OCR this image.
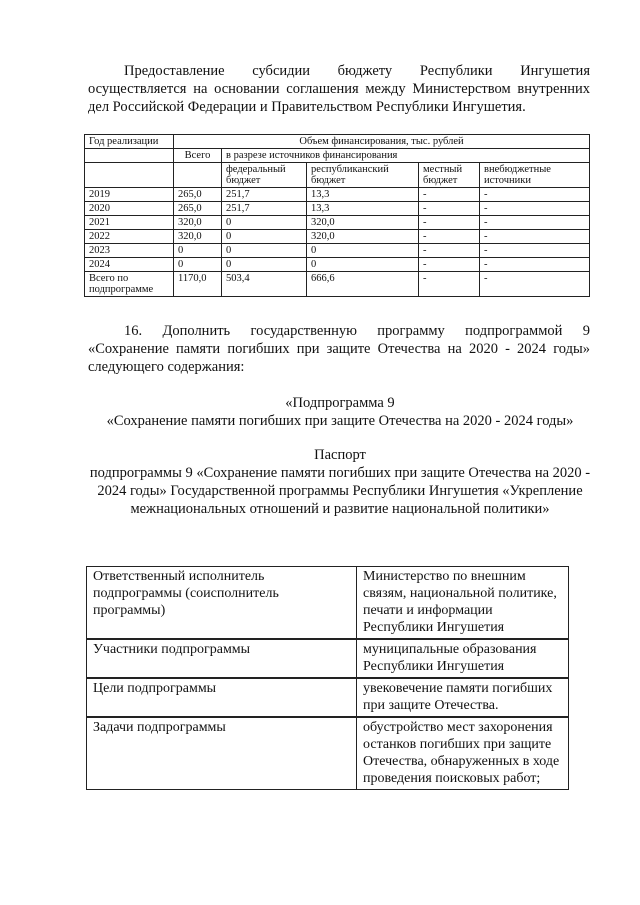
Предоставление субсидии бюджету Республики Ингушетия осуществляется на основании соглашения между Министерством внутренних дел Российской Федерации и Правительством Республики Ингушетия.

Год реализации	Объем финансирования, тыс. рублей				
	Всего	в разрезе источников финансирования			
		федеральный бюджет	республиканский бюджет	местный бюджет	внебюджетные источники
2019	265,0	251,7	13,3	-	-
2020	265,0	251,7	13,3	-	-
2021	320,0	0	320,0	-	-
2022	320,0	0	320,0	-	-
2023	0	0	0	-	-
2024	0	0	0	-	-
Всего по подпрограмме	1170,0	503,4	666,6	-	-

16. Дополнить государственную программу подпрограммой 9 «Сохранение памяти погибших при защите Отечества на 2020 - 2024 годы» следующего содержания:

«Подпрограмма 9
«Сохранение памяти погибших при защите Отечества на 2020 - 2024 годы»
Паспорт
подпрограммы 9 «Сохранение памяти погибших при защите Отечества на 2020 - 2024 годы» Государственной программы Республики Ингушетия «Укрепление межнациональных отношений и развитие национальной политики»
Ответственный исполнитель подпрограммы (соисполнитель программы)	Министерство по внешним связям, национальной политике, печати и информации Республики Ингушетия
Участники подпрограммы	муниципальные образования Республики Ингушетия
Цели подпрограммы	увековечение памяти погибших при защите Отечества.
Задачи подпрограммы	обустройство мест захоронения останков погибших при защите Отечества, обнаруженных в ходе проведения поисковых работ;
